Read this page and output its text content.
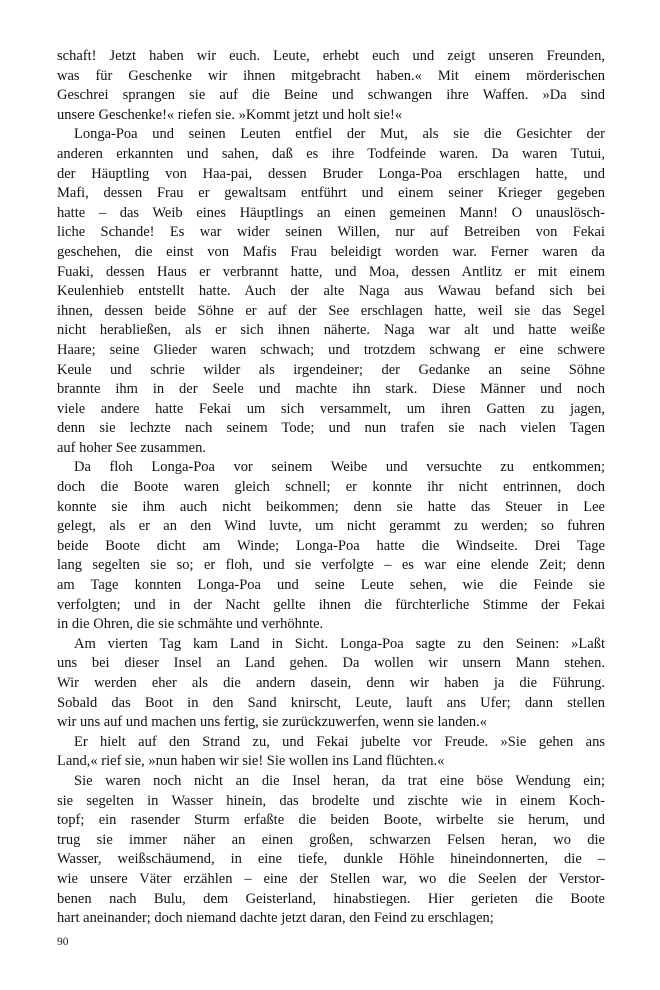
schaft! Jetzt haben wir euch. Leute, erhebt euch und zeigt unseren Freunden,
was für Geschenke wir ihnen mitgebracht haben.« Mit einem mörderischen
Geschrei sprangen sie auf die Beine und schwangen ihre Waffen. »Da sind
unsere Geschenke!« riefen sie. »Kommt jetzt und holt sie!«
Longa-Poa und seinen Leuten entfiel der Mut, als sie die Gesichter der
anderen erkannten und sahen, daß es ihre Todfeinde waren. Da waren Tutui,
der Häuptling von Haa-pai, dessen Bruder Longa-Poa erschlagen hatte, und
Mafi, dessen Frau er gewaltsam entführt und einem seiner Krieger gegeben
hatte – das Weib eines Häuptlings an einen gemeinen Mann! O unauslösch-
liche Schande! Es war wider seinen Willen, nur auf Betreiben von Fekai
geschehen, die einst von Mafis Frau beleidigt worden war. Ferner waren da
Fuaki, dessen Haus er verbrannt hatte, und Moa, dessen Antlitz er mit einem
Keulenhieb entstellt hatte. Auch der alte Naga aus Wawau befand sich bei
ihnen, dessen beide Söhne er auf der See erschlagen hatte, weil sie das Segel
nicht herabließen, als er sich ihnen näherte. Naga war alt und hatte weiße
Haare; seine Glieder waren schwach; und trotzdem schwang er eine schwere
Keule und schrie wilder als irgendeiner; der Gedanke an seine Söhne
brannte ihm in der Seele und machte ihn stark. Diese Männer und noch
viele andere hatte Fekai um sich versammelt, um ihren Gatten zu jagen,
denn sie lechzte nach seinem Tode; und nun trafen sie nach vielen Tagen
auf hoher See zusammen.
Da floh Longa-Poa vor seinem Weibe und versuchte zu entkommen;
doch die Boote waren gleich schnell; er konnte ihr nicht entrinnen, doch
konnte sie ihm auch nicht beikommen; denn sie hatte das Steuer in Lee
gelegt, als er an den Wind luvte, um nicht gerammt zu werden; so fuhren
beide Boote dicht am Winde; Longa-Poa hatte die Windseite. Drei Tage
lang segelten sie so; er floh, und sie verfolgte – es war eine elende Zeit; denn
am Tage konnten Longa-Poa und seine Leute sehen, wie die Feinde sie
verfolgten; und in der Nacht gellte ihnen die fürchterliche Stimme der Fekai
in die Ohren, die sie schmähte und verhöhnte.
Am vierten Tag kam Land in Sicht. Longa-Poa sagte zu den Seinen: »Laßt
uns bei dieser Insel an Land gehen. Da wollen wir unsern Mann stehen.
Wir werden eher als die andern dasein, denn wir haben ja die Führung.
Sobald das Boot in den Sand knirscht, Leute, lauft ans Ufer; dann stellen
wir uns auf und machen uns fertig, sie zurückzuwerfen, wenn sie landen.«
Er hielt auf den Strand zu, und Fekai jubelte vor Freude. »Sie gehen ans
Land,« rief sie, »nun haben wir sie! Sie wollen ins Land flüchten.«
Sie waren noch nicht an die Insel heran, da trat eine böse Wendung ein;
sie segelten in Wasser hinein, das brodelte und zischte wie in einem Koch-
topf; ein rasender Sturm erfaßte die beiden Boote, wirbelte sie herum, und
trug sie immer näher an einen großen, schwarzen Felsen heran, wo die
Wasser, weißschäumend, in eine tiefe, dunkle Höhle hineindonnerten, die –
wie unsere Väter erzählen – eine der Stellen war, wo die Seelen der Verstor-
benen nach Bulu, dem Geisterland, hinabstiegen. Hier gerieten die Boote
hart aneinander; doch niemand dachte jetzt daran, den Feind zu erschlagen;
90
